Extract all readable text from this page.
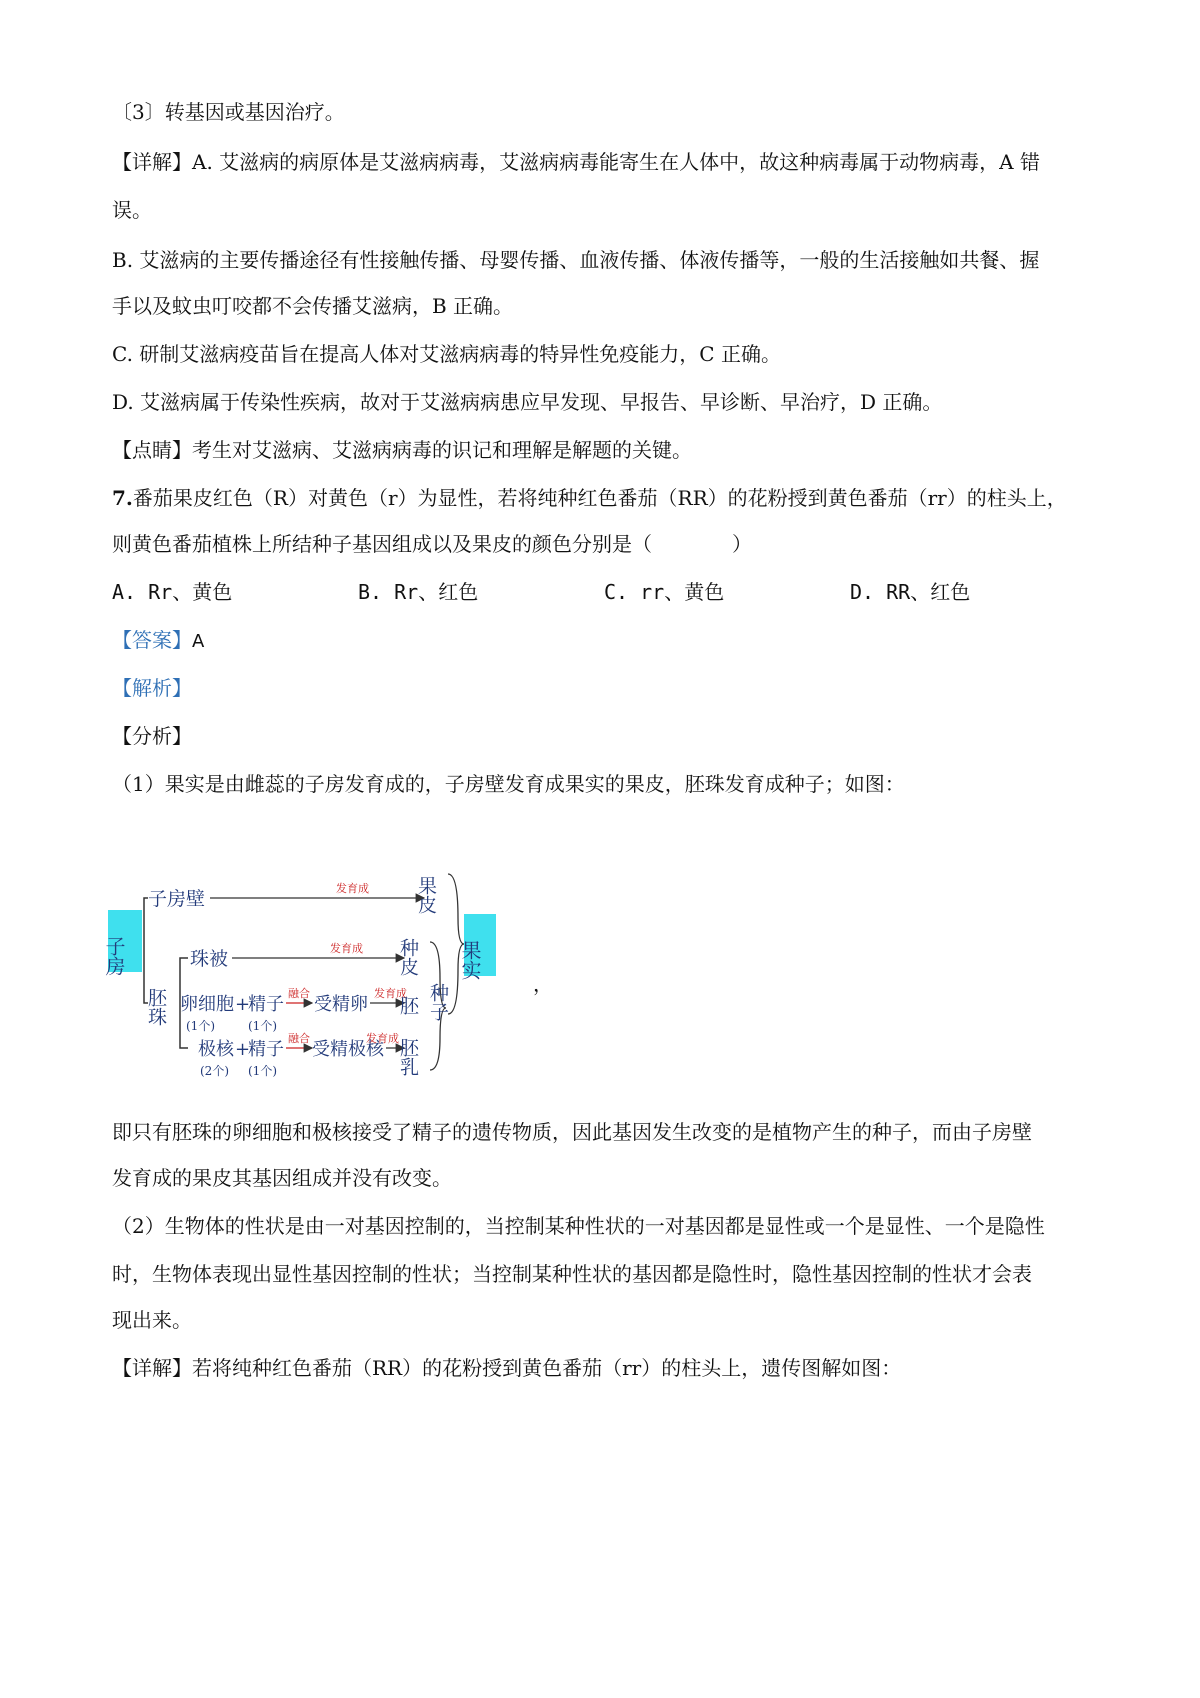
〔3〕转基因或基因治疗。
【详解】A. 艾滋病的病原体是艾滋病病毒，艾滋病病毒能寄生在人体中，故这种病毒属于动物病毒，A 错
误。
B. 艾滋病的主要传播途径有性接触传播、母婴传播、血液传播、体液传播等，一般的生活接触如共餐、握
手以及蚊虫叮咬都不会传播艾滋病，B 正确。
C. 研制艾滋病疫苗旨在提高人体对艾滋病病毒的特异性免疫能力，C 正确。
D. 艾滋病属于传染性疾病，故对于艾滋病病患应早发现、早报告、早诊断、早治疗，D 正确。
【点睛】考生对艾滋病、艾滋病病毒的识记和理解是解题的关键。
7.番茄果皮红色（R）对黄色（r）为显性，若将纯种红色番茄（RR）的花粉授到黄色番茄（rr）的柱头上，
则黄色番茄植株上所结种子基因组成以及果皮的颜色分别是（　　　　）
A. Rr、黄色	B. Rr、红色	C. rr、黄色	D. RR、红色
【答案】A
【解析】
【分析】
（1）果实是由雌蕊的子房发育成的，子房壁发育成果实的果皮，胚珠发育成种子；如图：
子房
子房壁	发育成
胚珠
珠被	发育成
卵细胞 +
精子
(1个)	(1个)
融合
受精卵
发育成
极核 +
精子
(2个) (1个)
融合
受精极核
发育成
果皮
种皮
胚
胚乳
种子
果实
，
即只有胚珠的卵细胞和极核接受了精子的遗传物质，因此基因发生改变的是植物产生的种子，而由子房壁
发育成的果皮其基因组成并没有改变。
（2）生物体的性状是由一对基因控制的，当控制某种性状的一对基因都是显性或一个是显性、一个是隐性
时，生物体表现出显性基因控制的性状；当控制某种性状的基因都是隐性时，隐性基因控制的性状才会表
现出来。
【详解】若将纯种红色番茄（RR）的花粉授到黄色番茄（rr）的柱头上，遗传图解如图：
